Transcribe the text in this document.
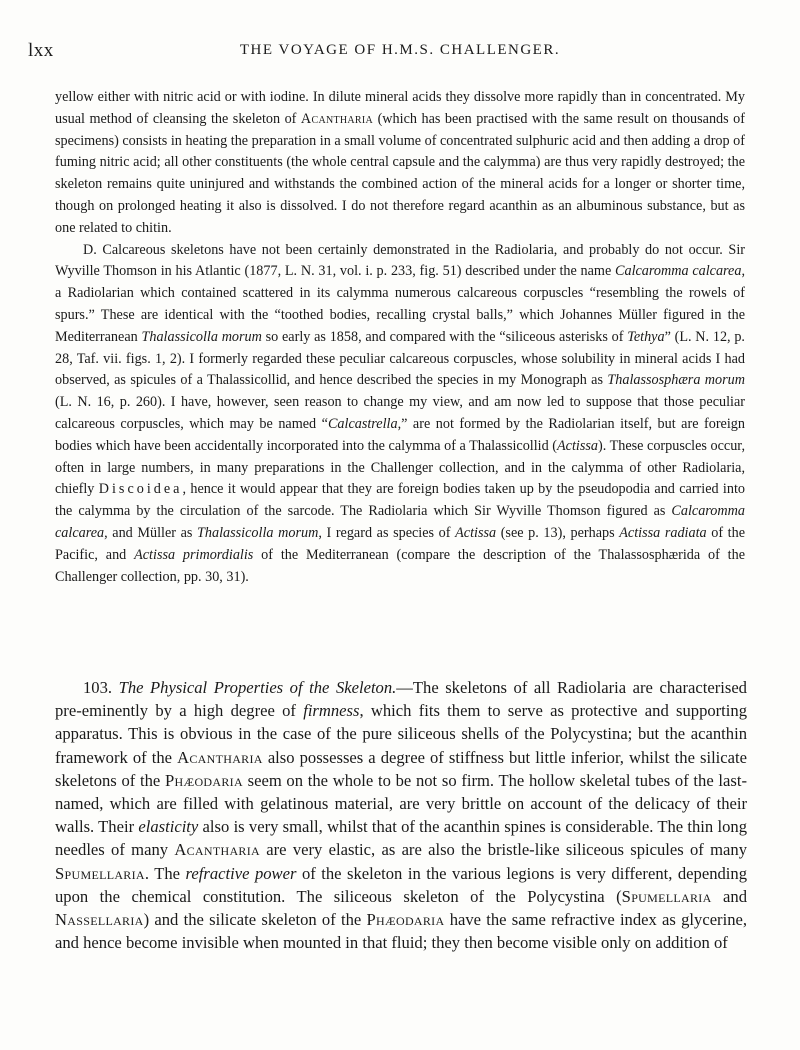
lxx	THE VOYAGE OF H.M.S. CHALLENGER.

yellow either with nitric acid or with iodine. In dilute mineral acids they dissolve more rapidly than in concentrated. My usual method of cleansing the skeleton of Acantharia (which has been practised with the same result on thousands of specimens) consists in heating the preparation in a small volume of concentrated sulphuric acid and then adding a drop of fuming nitric acid; all other constituents (the whole central capsule and the calymma) are thus very rapidly destroyed; the skeleton remains quite uninjured and withstands the combined action of the mineral acids for a longer or shorter time, though on prolonged heating it also is dissolved. I do not therefore regard acanthin as an albuminous substance, but as one related to chitin.

D. Calcareous skeletons have not been certainly demonstrated in the Radiolaria, and probably do not occur. Sir Wyville Thomson in his Atlantic (1877, L. N. 31, vol. i. p. 233, fig. 51) described under the name Calcaromma calcarea, a Radiolarian which contained scattered in its calymma numerous calcareous corpuscles “resembling the rowels of spurs.” These are identical with the “toothed bodies, recalling crystal balls,” which Johannes Müller figured in the Mediterranean Thalassicolla morum so early as 1858, and compared with the “siliceous asterisks of Tethya” (L. N. 12, p. 28, Taf. vii. figs. 1, 2). I formerly regarded these peculiar calcareous corpuscles, whose solubility in mineral acids I had observed, as spicules of a Thalassicollid, and hence described the species in my Monograph as Thalassosphæra morum (L. N. 16, p. 260). I have, however, seen reason to change my view, and am now led to suppose that those peculiar calcareous corpuscles, which may be named “Calcastrella,” are not formed by the Radiolarian itself, but are foreign bodies which have been accidentally incorporated into the calymma of a Thalassicollid (Actissa). These corpuscles occur, often in large numbers, in many preparations in the Challenger collection, and in the calymma of other Radiolaria, chiefly Discoidea, hence it would appear that they are foreign bodies taken up by the pseudopodia and carried into the calymma by the circulation of the sarcode. The Radiolaria which Sir Wyville Thomson figured as Calcaromma calcarea, and Müller as Thalassicolla morum, I regard as species of Actissa (see p. 13), perhaps Actissa radiata of the Pacific, and Actissa primordialis of the Mediterranean (compare the description of the Thalassosphærida of the Challenger collection, pp. 30, 31).

103. The Physical Properties of the Skeleton.—The skeletons of all Radiolaria are characterised pre-eminently by a high degree of firmness, which fits them to serve as protective and supporting apparatus. This is obvious in the case of the pure siliceous shells of the Polycystina; but the acanthin framework of the Acantharia also possesses a degree of stiffness but little inferior, whilst the silicate skeletons of the Phæodaria seem on the whole to be not so firm. The hollow skeletal tubes of the last-named, which are filled with gelatinous material, are very brittle on account of the delicacy of their walls. Their elasticity also is very small, whilst that of the acanthin spines is considerable. The thin long needles of many Acantharia are very elastic, as are also the bristle-like siliceous spicules of many Spumellaria. The refractive power of the skeleton in the various legions is very different, depending upon the chemical constitution. The siliceous skeleton of the Polycystina (Spumellaria and Nassellaria) and the silicate skeleton of the Phæodaria have the same refractive index as glycerine, and hence become invisible when mounted in that fluid; they then become visible only on addition of
